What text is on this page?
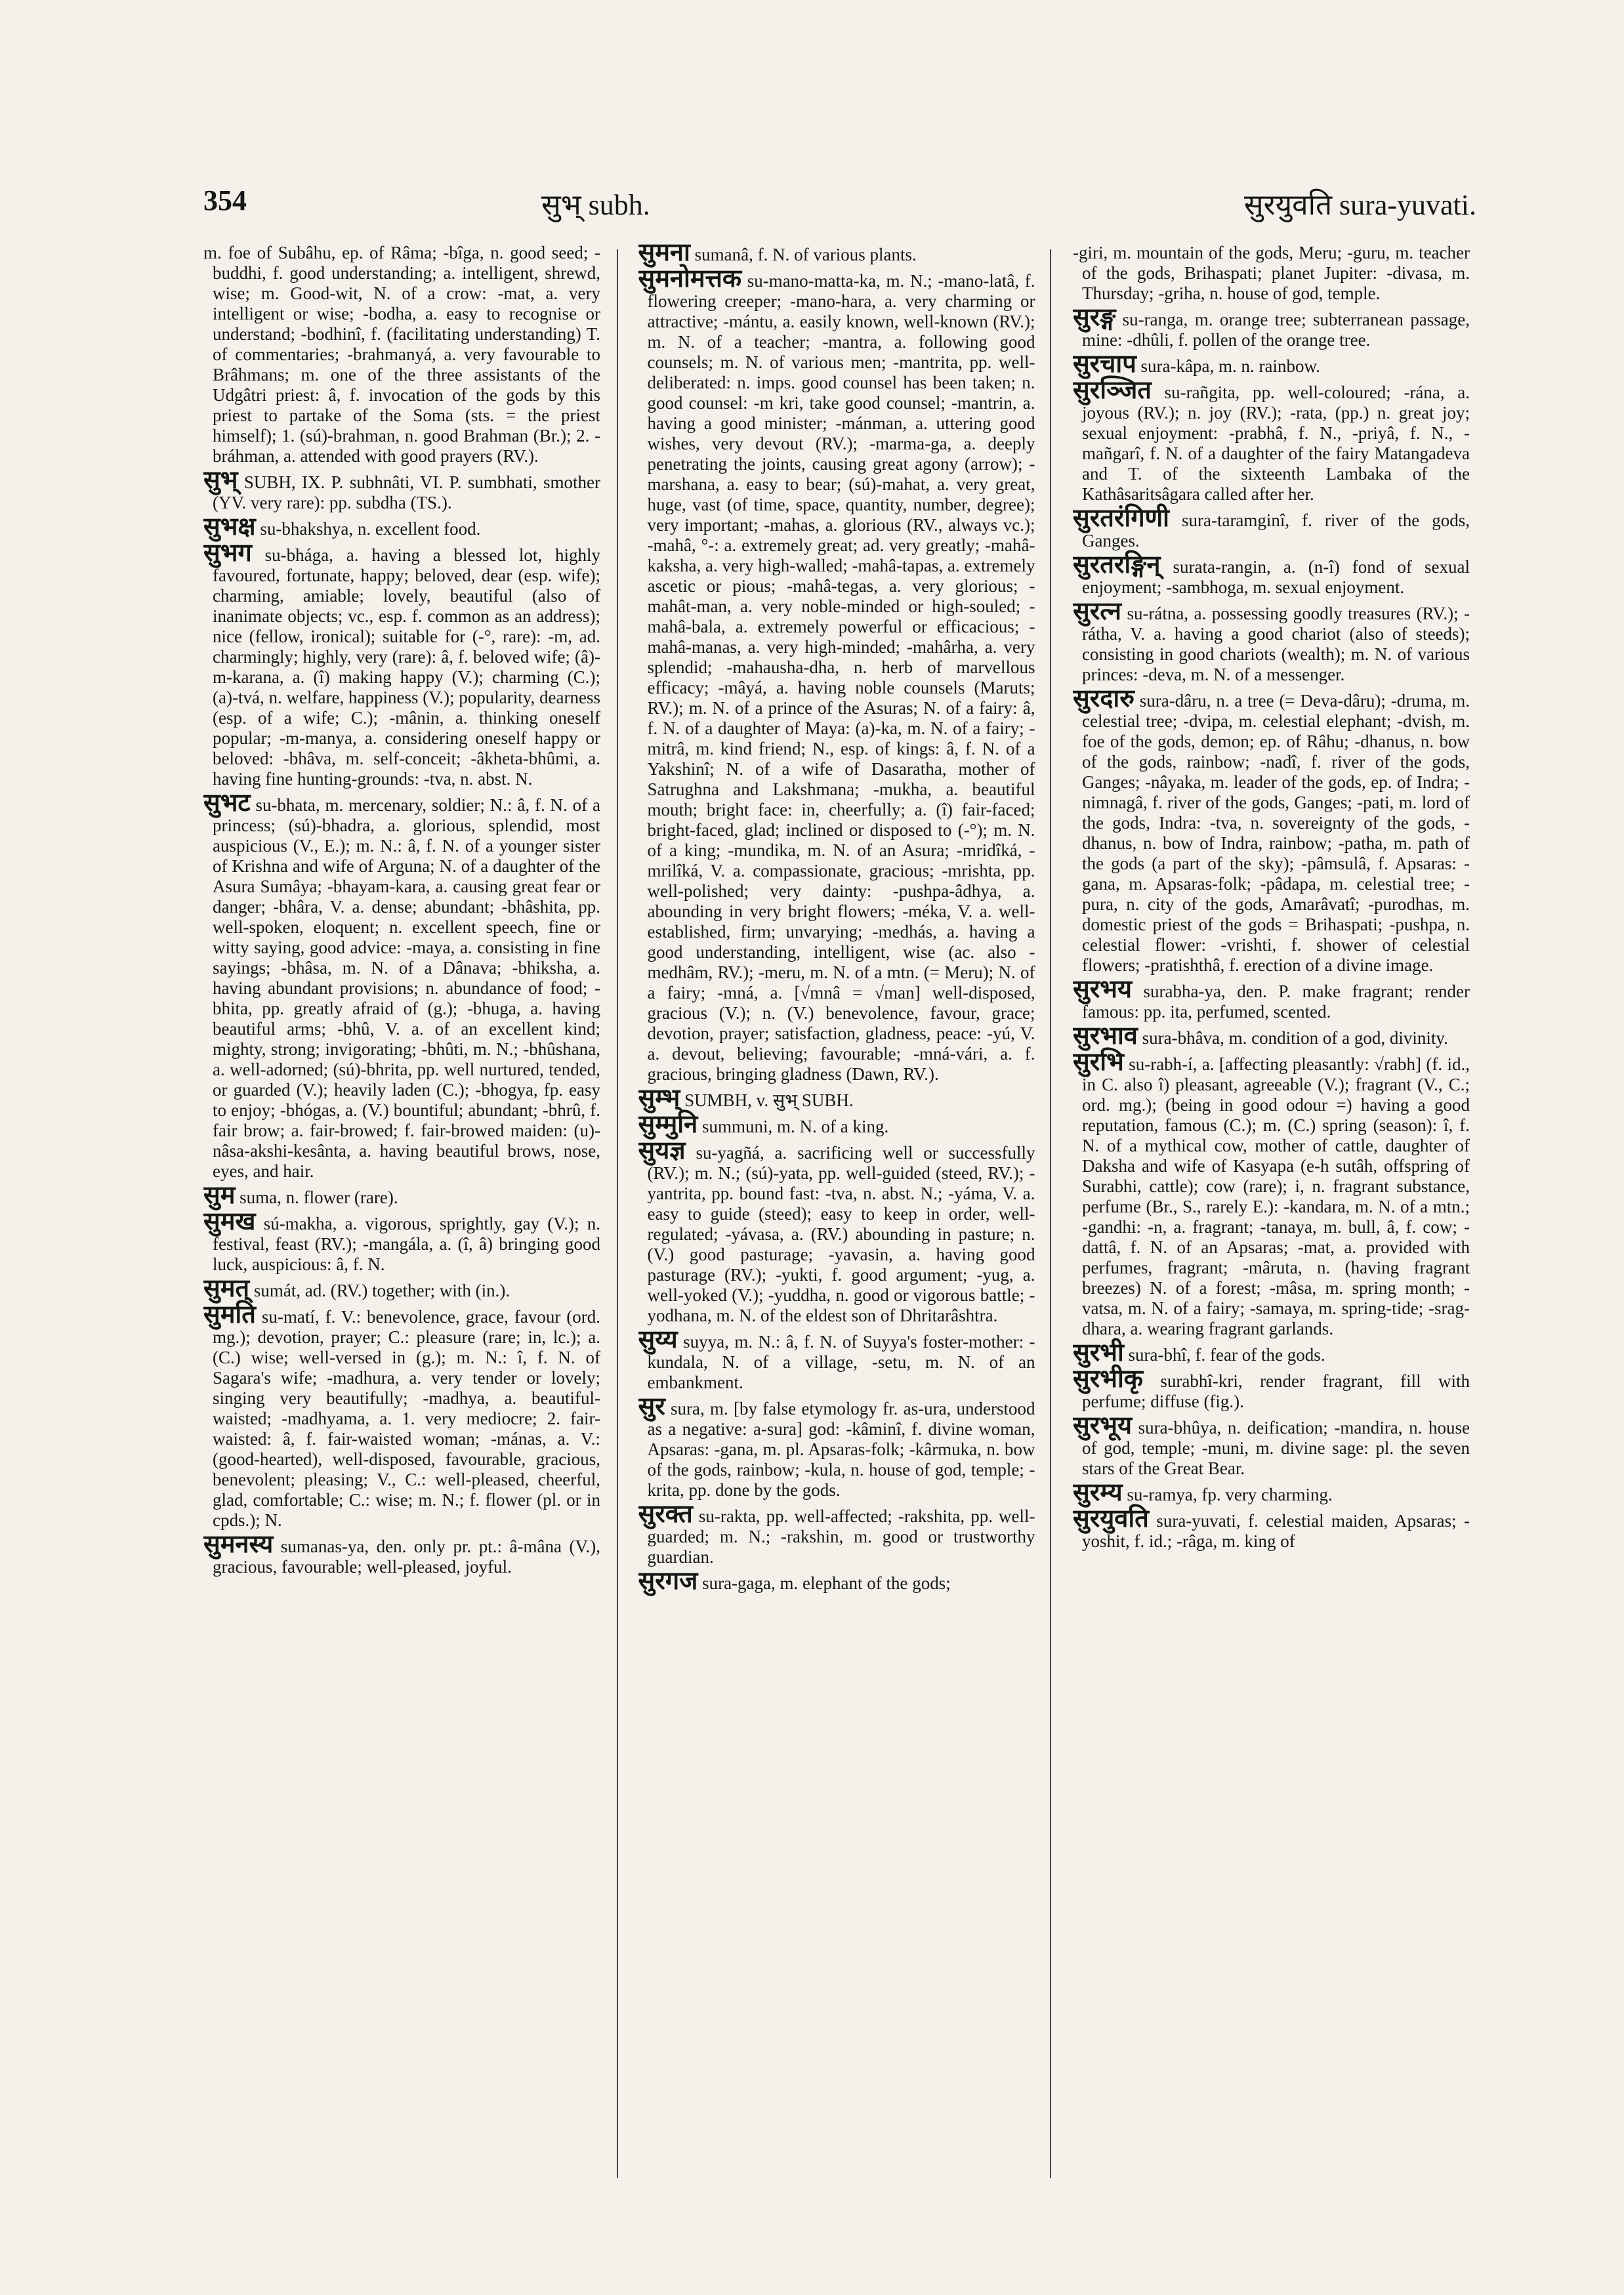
354	सुभ् subh.	सुरयुवति sura-yuvati.

m. foe of Subâhu, ep. of Râma; -bîga, n. good seed; -buddhi, f. good understanding; a. intelligent, shrewd, wise; m. Good-wit, N. of a crow: -mat, a. very intelligent or wise; -bodha, a. easy to recognise or understand; -bodhinî, f. (facilitating understanding) T. of commentaries; -brahmanyá, a. very favourable to Brâhmans; m. one of the three assistants of the Udgâtri priest: â, f. invocation of the gods by this priest to partake of the Soma (sts. = the priest himself); 1. (sú)-brahman, n. good Brahman (Br.); 2. -bráhman, a. attended with good prayers (RV.).

सुभ् SUBH, IX. P. subhnâti, VI. P. sumbhati, smother (YV. very rare): pp. subdha (TS.).

सुभक्ष su-bhakshya, n. excellent food.

सुभग su-bhága, a. having a blessed lot, highly favoured, fortunate, happy; beloved, dear (esp. wife); charming, amiable; lovely, beautiful (also of inanimate objects; vc., esp. f. common as an address); nice (fellow, ironical); suitable for (-°, rare): -m, ad. charmingly; highly, very (rare): â, f. beloved wife; (â)-m-karana, a. (î) making happy (V.); charming (C.); (a)-tvá, n. welfare, happiness (V.); popularity, dearness (esp. of a wife; C.); -mânin, a. thinking oneself popular; -m-manya, a. considering oneself happy or beloved: -bhâva, m. self-conceit; -âkheta-bhûmi, a. having fine hunting-grounds: -tva, n. abst. N.

सुभट su-bhata, m. mercenary, soldier; N.: â, f. N. of a princess; (sú)-bhadra, a. glorious, splendid, most auspicious (V., E.); m. N.: â, f. N. of a younger sister of Krishna and wife of Arguna; N. of a daughter of the Asura Sumâya; -bhayam-kara, a. causing great fear or danger; -bhâra, V. a. dense; abundant; -bhâshita, pp. well-spoken, eloquent; n. excellent speech, fine or witty saying, good advice: -maya, a. consisting in fine sayings; -bhâsa, m. N. of a Dânava; -bhiksha, a. having abundant provisions; n. abundance of food; -bhita, pp. greatly afraid of (g.); -bhuga, a. having beautiful arms; -bhû, V. a. of an excellent kind; mighty, strong; invigorating; -bhûti, m. N.; -bhûshana, a. well-adorned; (sú)-bhrita, pp. well nurtured, tended, or guarded (V.); heavily laden (C.); -bhogya, fp. easy to enjoy; -bhógas, a. (V.) bountiful; abundant; -bhrû, f. fair brow; a. fair-browed; f. fair-browed maiden: (u)-nâsa-akshi-kesânta, a. having beautiful brows, nose, eyes, and hair.

सुम suma, n. flower (rare).

सुमख sú-makha, a. vigorous, sprightly, gay (V.); n. festival, feast (RV.); -mangála, a. (î, â) bringing good luck, auspicious: â, f. N.

सुमत् sumát, ad. (RV.) together; with (in.).

सुमति su-matí, f. V.: benevolence, grace, favour (ord. mg.); devotion, prayer; C.: pleasure (rare; in, lc.); a. (C.) wise; well-versed in (g.); m. N.: î, f. N. of Sagara's wife; -madhura, a. very tender or lovely; singing very beautifully; -madhya, a. beautiful-waisted; -madhyama, a. 1. very mediocre; 2. fair-waisted: â, f. fair-waisted woman; -mánas, a. V.: (good-hearted), well-disposed, favourable, gracious, benevolent; pleasing; V., C.: well-pleased, cheerful, glad, comfortable; C.: wise; m. N.; f. flower (pl. or in cpds.); N.

सुमनस्य sumanas-ya, den. only pr. pt.: â-mâna (V.), gracious, favourable; well-pleased, joyful.

सुमना sumanâ, f. N. of various plants.

सुमनोमत्तक su-mano-matta-ka, m. N.; -mano-latâ, f. flowering creeper; -mano-hara, a. very charming or attractive; -mántu, a. easily known, well-known (RV.); m. N. of a teacher; -mantra, a. following good counsels; m. N. of various men; -mantrita, pp. well-deliberated: n. imps. good counsel has been taken; n. good counsel: -m kri, take good counsel; -mantrin, a. having a good minister; -mánman, a. uttering good wishes, very devout (RV.); -marma-ga, a. deeply penetrating the joints, causing great agony (arrow); -marshana, a. easy to bear; (sú)-mahat, a. very great, huge, vast (of time, space, quantity, number, degree); very important; -mahas, a. glorious (RV., always vc.); -mahâ, °-: a. extremely great; ad. very greatly; -mahâ-kaksha, a. very high-walled; -mahâ-tapas, a. extremely ascetic or pious; -mahâ-tegas, a. very glorious; -mahât-man, a. very noble-minded or high-souled; -mahâ-bala, a. extremely powerful or efficacious; -mahâ-manas, a. very high-minded; -mahârha, a. very splendid; -mahausha-dha, n. herb of marvellous efficacy; -mâyá, a. having noble counsels (Maruts; RV.); m. N. of a prince of the Asuras; N. of a fairy: â, f. N. of a daughter of Maya: (a)-ka, m. N. of a fairy; -mitrâ, m. kind friend; N., esp. of kings: â, f. N. of a Yakshinî; N. of a wife of Dasaratha, mother of Satrughna and Lakshmana; -mukha, a. beautiful mouth; bright face: in, cheerfully; a. (î) fair-faced; bright-faced, glad; inclined or disposed to (-°); m. N. of a king; -mundika, m. N. of an Asura; -mridîká, -mrilîká, V. a. compassionate, gracious; -mrishta, pp. well-polished; very dainty: -pushpa-âdhya, a. abounding in very bright flowers; -méka, V. a. well-established, firm; unvarying; -medhás, a. having a good understanding, intelligent, wise (ac. also -medhâm, RV.); -meru, m. N. of a mtn. (= Meru); N. of a fairy; -mná, a. [√mnâ = √man] well-disposed, gracious (V.); n. (V.) benevolence, favour, grace; devotion, prayer; satisfaction, gladness, peace: -yú, V. a. devout, believing; favourable; -mná-vári, a. f. gracious, bringing gladness (Dawn, RV.).

सुम्भ् SUMBH, v. सुभ् SUBH.

सुम्मुनि summuni, m. N. of a king.

सुयज्ञ su-yagñá, a. sacrificing well or successfully (RV.); m. N.; (sú)-yata, pp. well-guided (steed, RV.); -yantrita, pp. bound fast: -tva, n. abst. N.; -yáma, V. a. easy to guide (steed); easy to keep in order, well-regulated; -yávasa, a. (RV.) abounding in pasture; n. (V.) good pasturage; -yavasin, a. having good pasturage (RV.); -yukti, f. good argument; -yug, a. well-yoked (V.); -yuddha, n. good or vigorous battle; -yodhana, m. N. of the eldest son of Dhritarâshtra.

सुय्य suyya, m. N.: â, f. N. of Suyya's foster-mother: -kundala, N. of a village, -setu, m. N. of an embankment.

सुर sura, m. [by false etymology fr. as-ura, understood as a negative: a-sura] god: -kâminî, f. divine woman, Apsaras: -gana, m. pl. Apsaras-folk; -kârmuka, n. bow of the gods, rainbow; -kula, n. house of god, temple; -krita, pp. done by the gods.

सुरक्त su-rakta, pp. well-affected; -rakshita, pp. well-guarded; m. N.; -rakshin, m. good or trustworthy guardian.

सुरगज sura-gaga, m. elephant of the gods;

-giri, m. mountain of the gods, Meru; -guru, m. teacher of the gods, Brihaspati; planet Jupiter: -divasa, m. Thursday; -griha, n. house of god, temple.

सुरङ्ग su-ranga, m. orange tree; subterranean passage, mine: -dhûli, f. pollen of the orange tree.

सुरचाप sura-kâpa, m. n. rainbow.

सुरञ्जित su-rañgita, pp. well-coloured; -rána, a. joyous (RV.); n. joy (RV.); -rata, (pp.) n. great joy; sexual enjoyment: -prabhâ, f. N., -priyâ, f. N., -mañgarî, f. N. of a daughter of the fairy Matangadeva and T. of the sixteenth Lambaka of the Kathâsaritsâgara called after her.

सुरतरंगिणी sura-taramginî, f. river of the gods, Ganges.

सुरतरङ्गिन् surata-rangin, a. (n-î) fond of sexual enjoyment; -sambhoga, m. sexual enjoyment.

सुरत्न su-rátna, a. possessing goodly treasures (RV.); -rátha, V. a. having a good chariot (also of steeds); consisting in good chariots (wealth); m. N. of various princes: -deva, m. N. of a messenger.

सुरदारु sura-dâru, n. a tree (= Deva-dâru); -druma, m. celestial tree; -dvipa, m. celestial elephant; -dvish, m. foe of the gods, demon; ep. of Râhu; -dhanus, n. bow of the gods, rainbow; -nadî, f. river of the gods, Ganges; -nâyaka, m. leader of the gods, ep. of Indra; -nimnagâ, f. river of the gods, Ganges; -pati, m. lord of the gods, Indra: -tva, n. sovereignty of the gods, -dhanus, n. bow of Indra, rainbow; -patha, m. path of the gods (a part of the sky); -pâmsulâ, f. Apsaras: -gana, m. Apsaras-folk; -pâdapa, m. celestial tree; -pura, n. city of the gods, Amarâvatî; -purodhas, m. domestic priest of the gods = Brihaspati; -pushpa, n. celestial flower: -vrishti, f. shower of celestial flowers; -pratishthâ, f. erection of a divine image.

सुरभय surabha-ya, den. P. make fragrant; render famous: pp. ita, perfumed, scented.

सुरभाव sura-bhâva, m. condition of a god, divinity.

सुरभि su-rabh-í, a. [affecting pleasantly: √rabh] (f. id., in C. also î) pleasant, agreeable (V.); fragrant (V., C.; ord. mg.); (being in good odour =) having a good reputation, famous (C.); m. (C.) spring (season): î, f. N. of a mythical cow, mother of cattle, daughter of Daksha and wife of Kasyapa (e-h sutâh, offspring of Surabhi, cattle); cow (rare); i, n. fragrant substance, perfume (Br., S., rarely E.): -kandara, m. N. of a mtn.; -gandhi: -n, a. fragrant; -tanaya, m. bull, â, f. cow; -dattâ, f. N. of an Apsaras; -mat, a. provided with perfumes, fragrant; -mâruta, n. (having fragrant breezes) N. of a forest; -mâsa, m. spring month; -vatsa, m. N. of a fairy; -samaya, m. spring-tide; -srag-dhara, a. wearing fragrant garlands.

सुरभी sura-bhî, f. fear of the gods.

सुरभीकृ surabhî-kri, render fragrant, fill with perfume; diffuse (fig.).

सुरभूय sura-bhûya, n. deification; -mandira, n. house of god, temple; -muni, m. divine sage: pl. the seven stars of the Great Bear.

सुरम्य su-ramya, fp. very charming.

सुरयुवति sura-yuvati, f. celestial maiden, Apsaras; -yoshit, f. id.; -râga, m. king of
